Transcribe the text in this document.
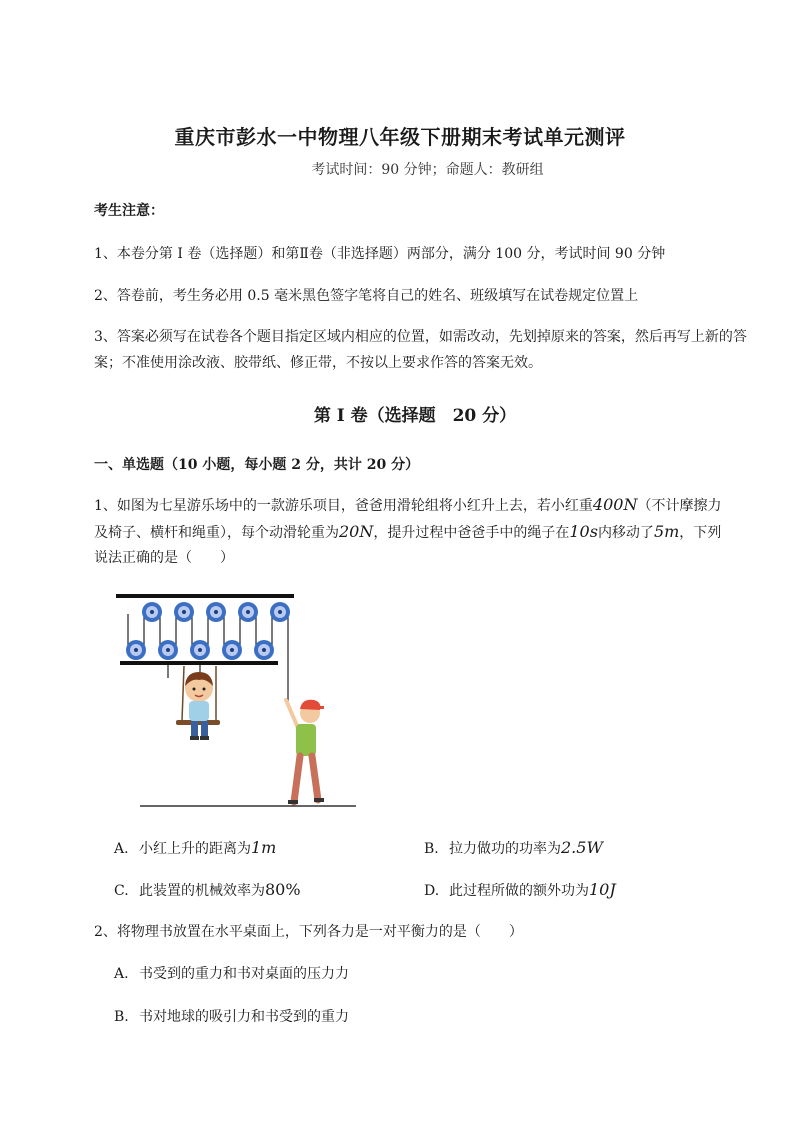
重庆市彭水一中物理八年级下册期末考试单元测评
考试时间：90 分钟；命题人：教研组
考生注意：
1、本卷分第 I 卷（选择题）和第Ⅱ卷（非选择题）两部分，满分 100 分，考试时间 90 分钟
2、答卷前，考生务必用 0.5 毫米黑色签字笔将自己的姓名、班级填写在试卷规定位置上
3、答案必须写在试卷各个题目指定区域内相应的位置，如需改动，先划掉原来的答案，然后再写上新的答案；不准使用涂改液、胶带纸、修正带，不按以上要求作答的答案无效。
第 I 卷（选择题　20 分）
一、单选题（10 小题，每小题 2 分，共计 20 分）
1、如图为七星游乐场中的一款游乐项目，爸爸用滑轮组将小红升上去，若小红重400N（不计摩擦力
及椅子、横杆和绳重），每个动滑轮重为20N，提升过程中爸爸手中的绳子在10s内移动了5m，下列
说法正确的是（　　）
A. 小红上升的距离为1m	B. 拉力做功的功率为2.5W
C. 此装置的机械效率为80%	D. 此过程所做的额外功为10J
2、将物理书放置在水平桌面上，下列各力是一对平衡力的是（　　）
A. 书受到的重力和书对桌面的压力力
B. 书对地球的吸引力和书受到的重力
